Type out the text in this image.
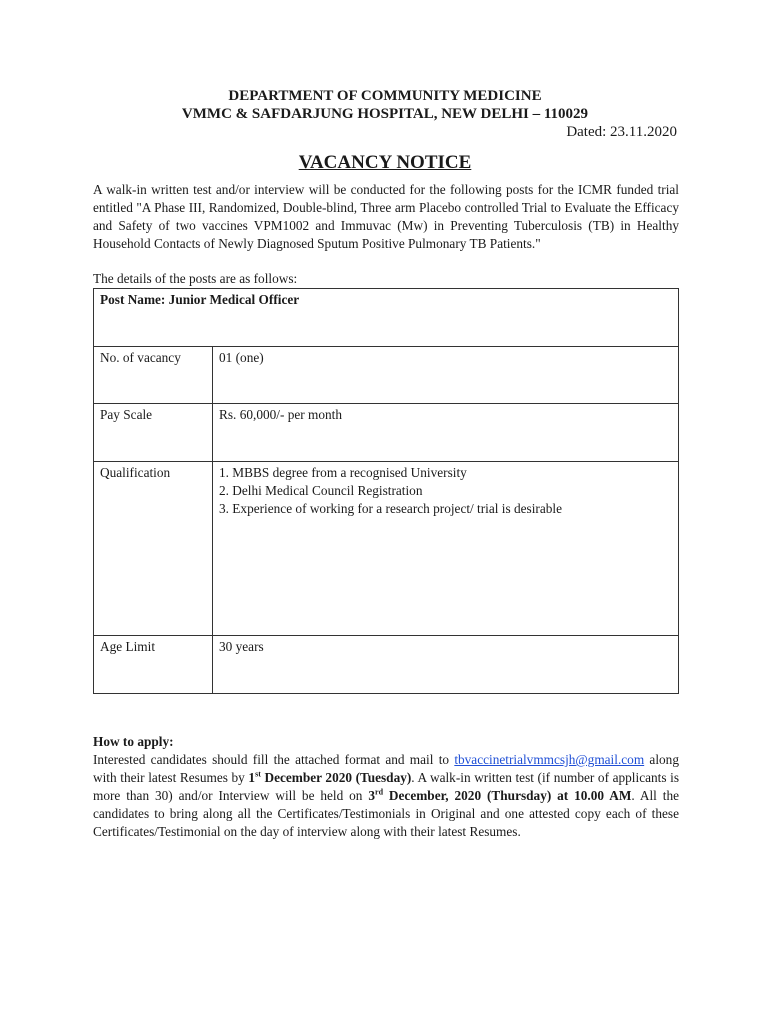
DEPARTMENT OF COMMUNITY MEDICINE
VMMC & SAFDARJUNG HOSPITAL, NEW DELHI – 110029
Dated: 23.11.2020
VACANCY NOTICE
A walk-in written test and/or interview will be conducted for the following posts for the ICMR funded trial entitled "A Phase III, Randomized, Double-blind, Three arm Placebo controlled Trial to Evaluate the Efficacy and Safety of two vaccines VPM1002 and Immuvac (Mw) in Preventing Tuberculosis (TB) in Healthy Household Contacts of Newly Diagnosed Sputum Positive Pulmonary TB Patients."
The details of the posts are as follows:
Post Name: Junior Medical Officer	
No. of vacancy	01 (one)
Pay Scale	Rs. 60,000/- per month
Qualification	1. MBBS degree from a recognised University
2. Delhi Medical Council Registration
3. Experience of working for a research project/ trial is desirable

Age Limit	30 years
How to apply:
Interested candidates should fill the attached format and mail to tbvaccinetrialvmmcsjh@gmail.com along with their latest Resumes by 1st December 2020 (Tuesday). A walk-in written test (if number of applicants is more than 30) and/or Interview will be held on 3rd December, 2020 (Thursday) at 10.00 AM. All the candidates to bring along all the Certificates/Testimonials in Original and one attested copy each of these Certificates/Testimonial on the day of interview along with their latest Resumes.
